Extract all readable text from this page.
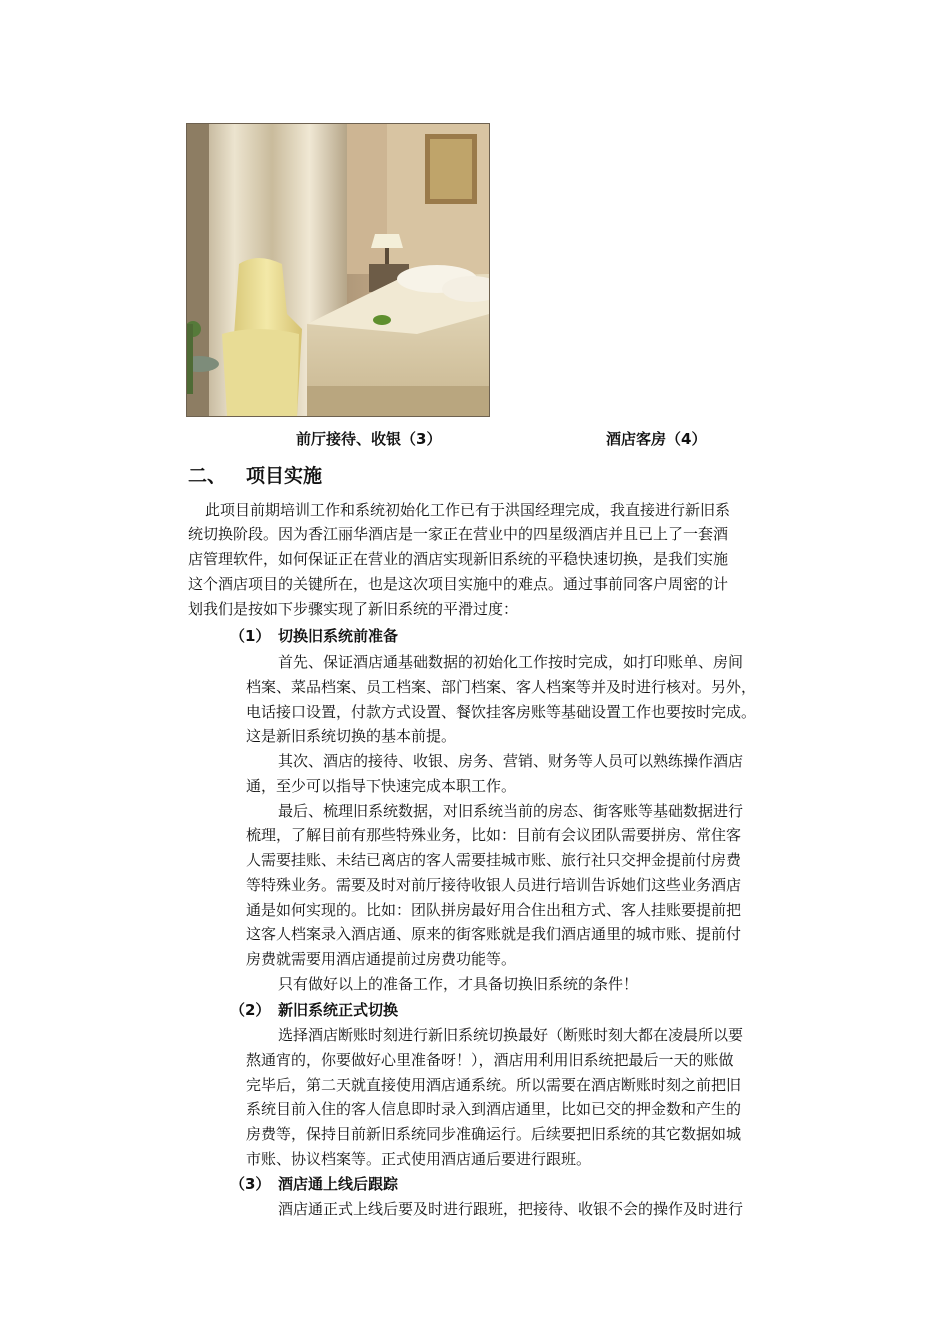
前厅接待、收银（3）	酒店客房（4）
二、 项目实施
此项目前期培训工作和系统初始化工作已有于洪国经理完成，我直接进行新旧系
统切换阶段。因为香江丽华酒店是一家正在营业中的四星级酒店并且已上了一套酒
店管理软件，如何保证正在营业的酒店实现新旧系统的平稳快速切换，是我们实施
这个酒店项目的关键所在，也是这次项目实施中的难点。通过事前同客户周密的计
划我们是按如下步骤实现了新旧系统的平滑过度：
（1） 切换旧系统前准备
首先、保证酒店通基础数据的初始化工作按时完成，如打印账单、房间
档案、菜品档案、员工档案、部门档案、客人档案等并及时进行核对。另外，
电话接口设置，付款方式设置、餐饮挂客房账等基础设置工作也要按时完成。
这是新旧系统切换的基本前提。
其次、酒店的接待、收银、房务、营销、财务等人员可以熟练操作酒店
通，至少可以指导下快速完成本职工作。
最后、梳理旧系统数据，对旧系统当前的房态、街客账等基础数据进行
梳理，了解目前有那些特殊业务，比如：目前有会议团队需要拼房、常住客
人需要挂账、未结已离店的客人需要挂城市账、旅行社只交押金提前付房费
等特殊业务。需要及时对前厅接待收银人员进行培训告诉她们这些业务酒店
通是如何实现的。比如：团队拼房最好用合住出租方式、客人挂账要提前把
这客人档案录入酒店通、原来的街客账就是我们酒店通里的城市账、提前付
房费就需要用酒店通提前过房费功能等。
只有做好以上的准备工作，才具备切换旧系统的条件！
（2） 新旧系统正式切换
选择酒店断账时刻进行新旧系统切换最好（断账时刻大都在凌晨所以要
熬通宵的，你要做好心里准备呀！），酒店用利用旧系统把最后一天的账做
完毕后，第二天就直接使用酒店通系统。所以需要在酒店断账时刻之前把旧
系统目前入住的客人信息即时录入到酒店通里，比如已交的押金数和产生的
房费等，保持目前新旧系统同步准确运行。后续要把旧系统的其它数据如城
市账、协议档案等。正式使用酒店通后要进行跟班。
（3） 酒店通上线后跟踪
酒店通正式上线后要及时进行跟班，把接待、收银不会的操作及时进行
